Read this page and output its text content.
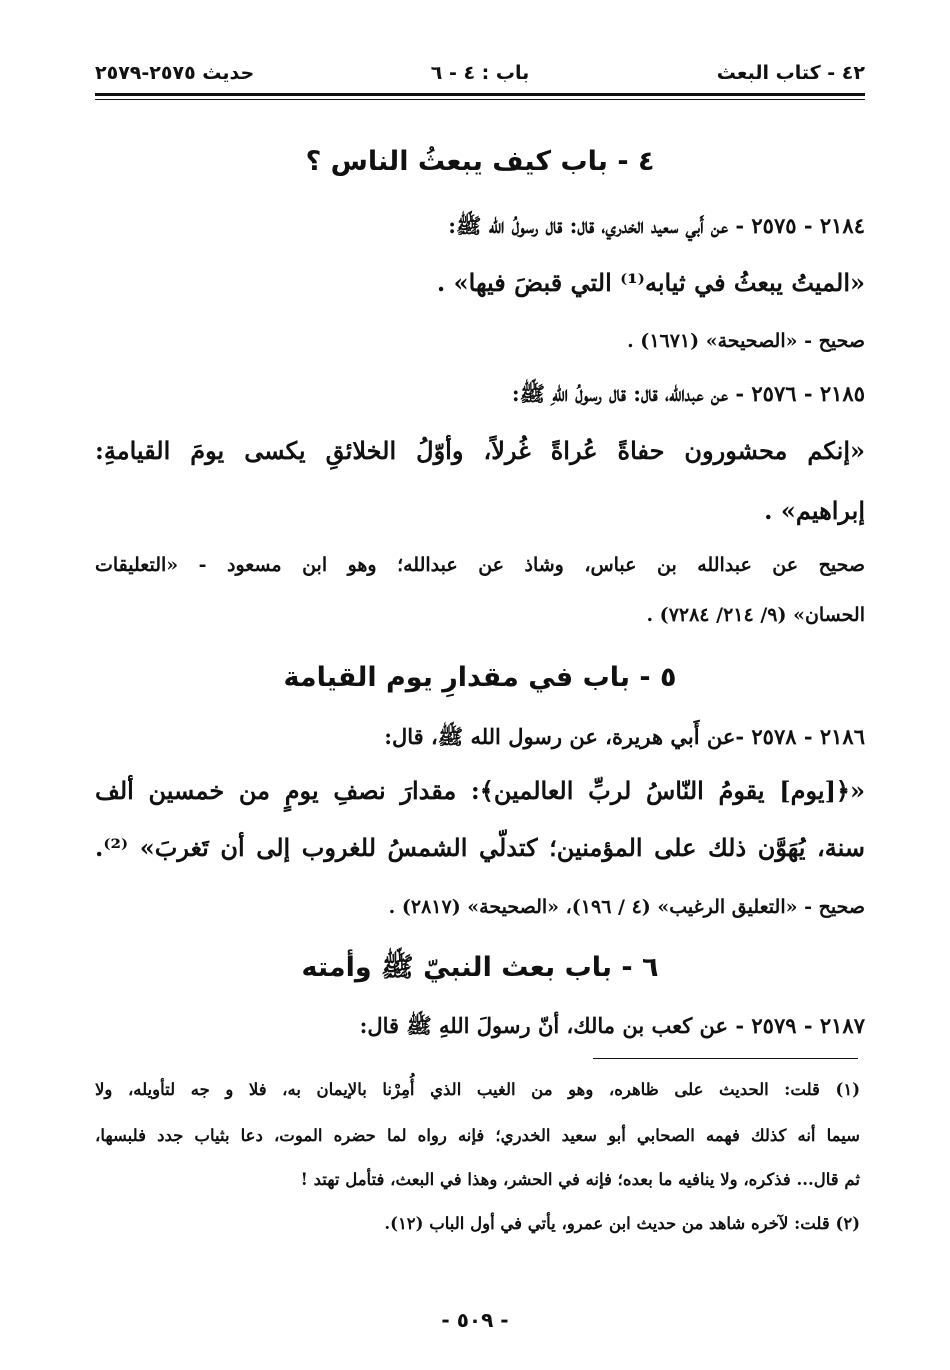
٤٢ - كتاب البعث
باب : ٤ - ٦
حديث ٢٥٧٥-٢٥٧٩
٤ - باب كيف يبعثُ الناس ؟
٢١٨٤ - ٢٥٧٥ - عن أَبي سعيد الخدري، قال: قال رسولُ الله ﷺ:
«الميتُ يبعثُ في ثيابه⁽¹⁾ التي قبضَ فيها» .
صحيح - «الصحيحة» (١٦٧١) .
٢١٨٥ - ٢٥٧٦ - عن عبدالله، قال: قال رسولُ اللهِ ﷺ:
«إنكم محشورون حفاةً عُراةً غُرلاً، وأوّلُ الخلائقِ يكسى يومَ القيامةِ:
إبراهيم» .
صحيح عن عبدالله بن عباس، وشاذ عن عبدالله؛ وهو ابن مسعود - «التعليقات
الحسان» (٩/ ٢١٤/ ٧٢٨٤) .
٥ - باب في مقدارِ يوم القيامة
٢١٨٦ - ٢٥٧٨ -عن أَبي هريرة، عن رسول الله ﷺ، قال:
«﴿[يوم] يقومُ النّاسُ لربِّ العالمين﴾: مقدارَ نصفِ يومٍ من خمسين ألف
سنة، يُهَوَّن ذلك على المؤمنين؛ كتدلّي الشمسُ للغروب إلى أن تَغربَ» ⁽²⁾.
صحيح - «التعليق الرغيب» (٤ / ١٩٦)، «الصحيحة» (٢٨١٧) .
٦ - باب بعث النبيّ ﷺ وأمته
٢١٨٧ - ٢٥٧٩ - عن كعب بن مالك، أنّ رسولَ اللهِ ﷺ قال:
(١) قلت: الحديث على ظاهره، وهو من الغيب الذي أُمِرْنا بالإيمان به، فلا و جه لتأويله، ولا
سيما أنه كذلك فهمه الصحابي أبو سعيد الخدري؛ فإنه رواه لما حضره الموت، دعا بثياب جدد فلبسها،
ثم قال... فذكره، ولا ينافيه ما بعده؛ فإنه في الحشر، وهذا في البعث، فتأمل تهتد !
(٢) قلت: لآخره شاهد من حديث ابن عمرو، يأتي في أول الباب (١٢).
- ٥٠٩ -
